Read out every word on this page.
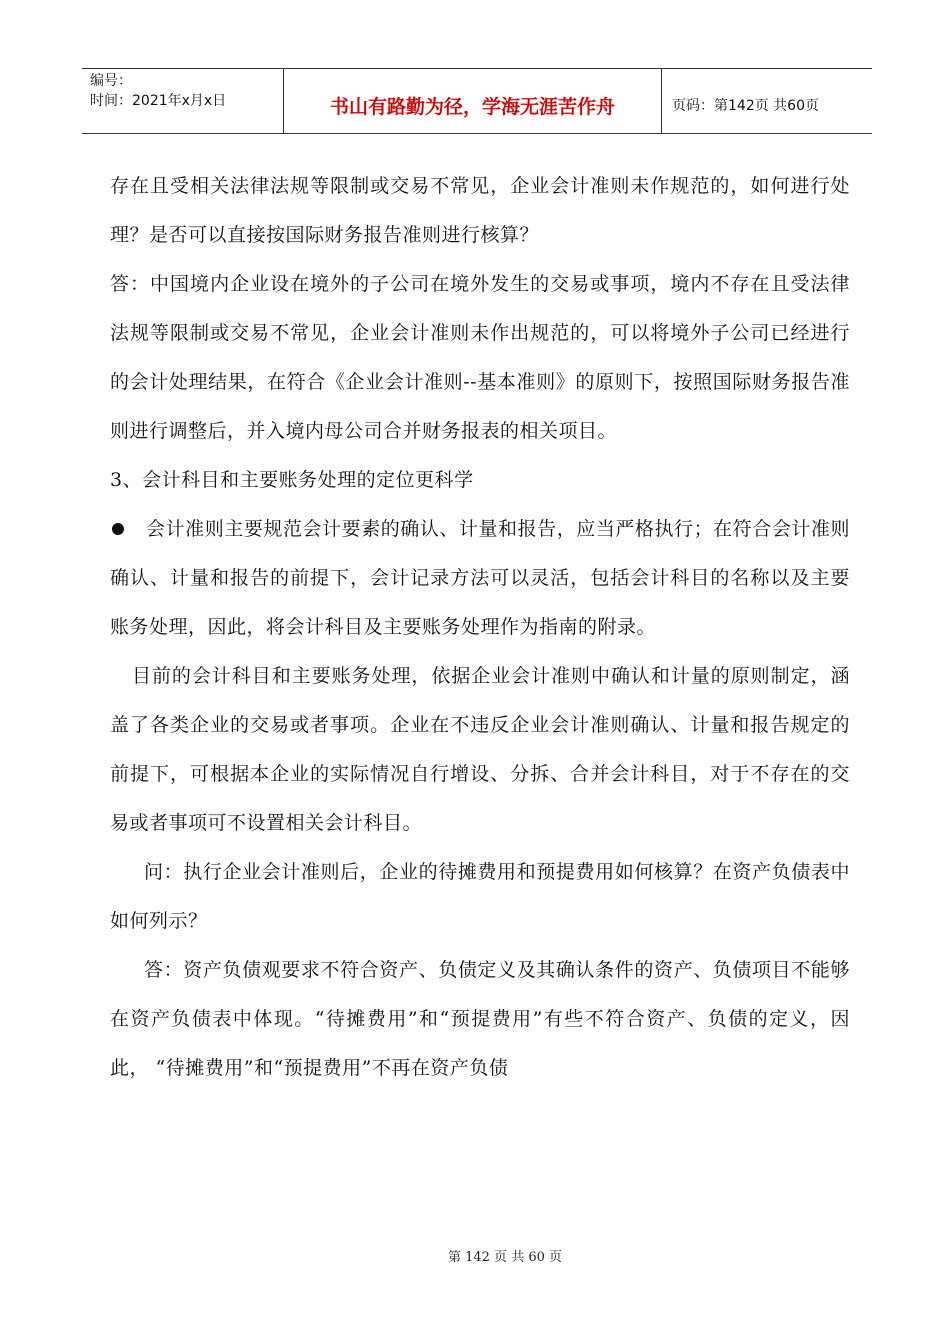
编号：
时间：2021年x月x日	书山有路勤为径，学海无涯苦作舟	页码：第142页 共60页

存在且受相关法律法规等限制或交易不常见，企业会计准则未作规范的，如何进行处理？是否可以直接按国际财务报告准则进行核算？

答：中国境内企业设在境外的子公司在境外发生的交易或事项，境内不存在且受法律法规等限制或交易不常见，企业会计准则未作出规范的，可以将境外子公司已经进行的会计处理结果，在符合《企业会计准则--基本准则》的原则下，按照国际财务报告准则进行调整后，并入境内母公司合并财务报表的相关项目。

3、会计科目和主要账务处理的定位更科学

会计准则主要规范会计要素的确认、计量和报告，应当严格执行；在符合会计准则确认、计量和报告的前提下，会计记录方法可以灵活，包括会计科目的名称以及主要账务处理，因此，将会计科目及主要账务处理作为指南的附录。

目前的会计科目和主要账务处理，依据企业会计准则中确认和计量的原则制定，涵盖了各类企业的交易或者事项。企业在不违反企业会计准则确认、计量和报告规定的前提下，可根据本企业的实际情况自行增设、分拆、合并会计科目，对于不存在的交易或者事项可不设置相关会计科目。

问：执行企业会计准则后，企业的待摊费用和预提费用如何核算？在资产负债表中如何列示？

答：资产负债观要求不符合资产、负债定义及其确认条件的资产、负债项目不能够在资产负债表中体现。“待摊费用”和“预提费用”有些不符合资产、负债的定义，因此， “待摊费用”和“预提费用”不再在资产负债

第 142 页 共 60 页
